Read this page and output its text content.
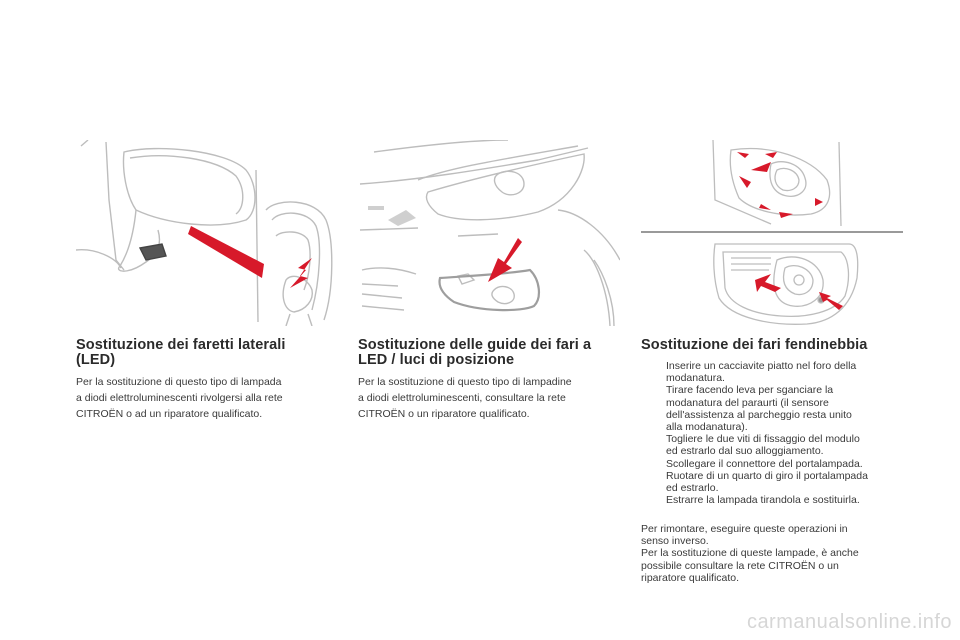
Sostituzione dei faretti laterali
(LED)

Per la sostituzione di questo tipo di lampada
a diodi elettroluminescenti rivolgersi alla rete
CITROËN o ad un riparatore qualificato.

Sostituzione delle guide dei fari a
LED / luci di posizione

Per la sostituzione di questo tipo di lampadine
a diodi elettroluminescenti, consultare la rete
CITROËN o un riparatore qualificato.

Sostituzione dei fari fendinebbia
Inserire un cacciavite piatto nel foro della
modanatura.
Tirare facendo leva per sganciare la
modanatura del paraurti (il sensore
dell'assistenza al parcheggio resta unito
alla modanatura).
Togliere le due viti di fissaggio del modulo
ed estrarlo dal suo alloggiamento.
Scollegare il connettore del portalampada.
Ruotare di un quarto di giro il portalampada
ed estrarlo.
Estrarre la lampada tirandola e sostituirla.
Per rimontare, eseguire queste operazioni in
senso inverso.
Per la sostituzione di queste lampade, è anche
possibile consultare la rete CITROËN o un
riparatore qualificato.
carmanualsonline.info
